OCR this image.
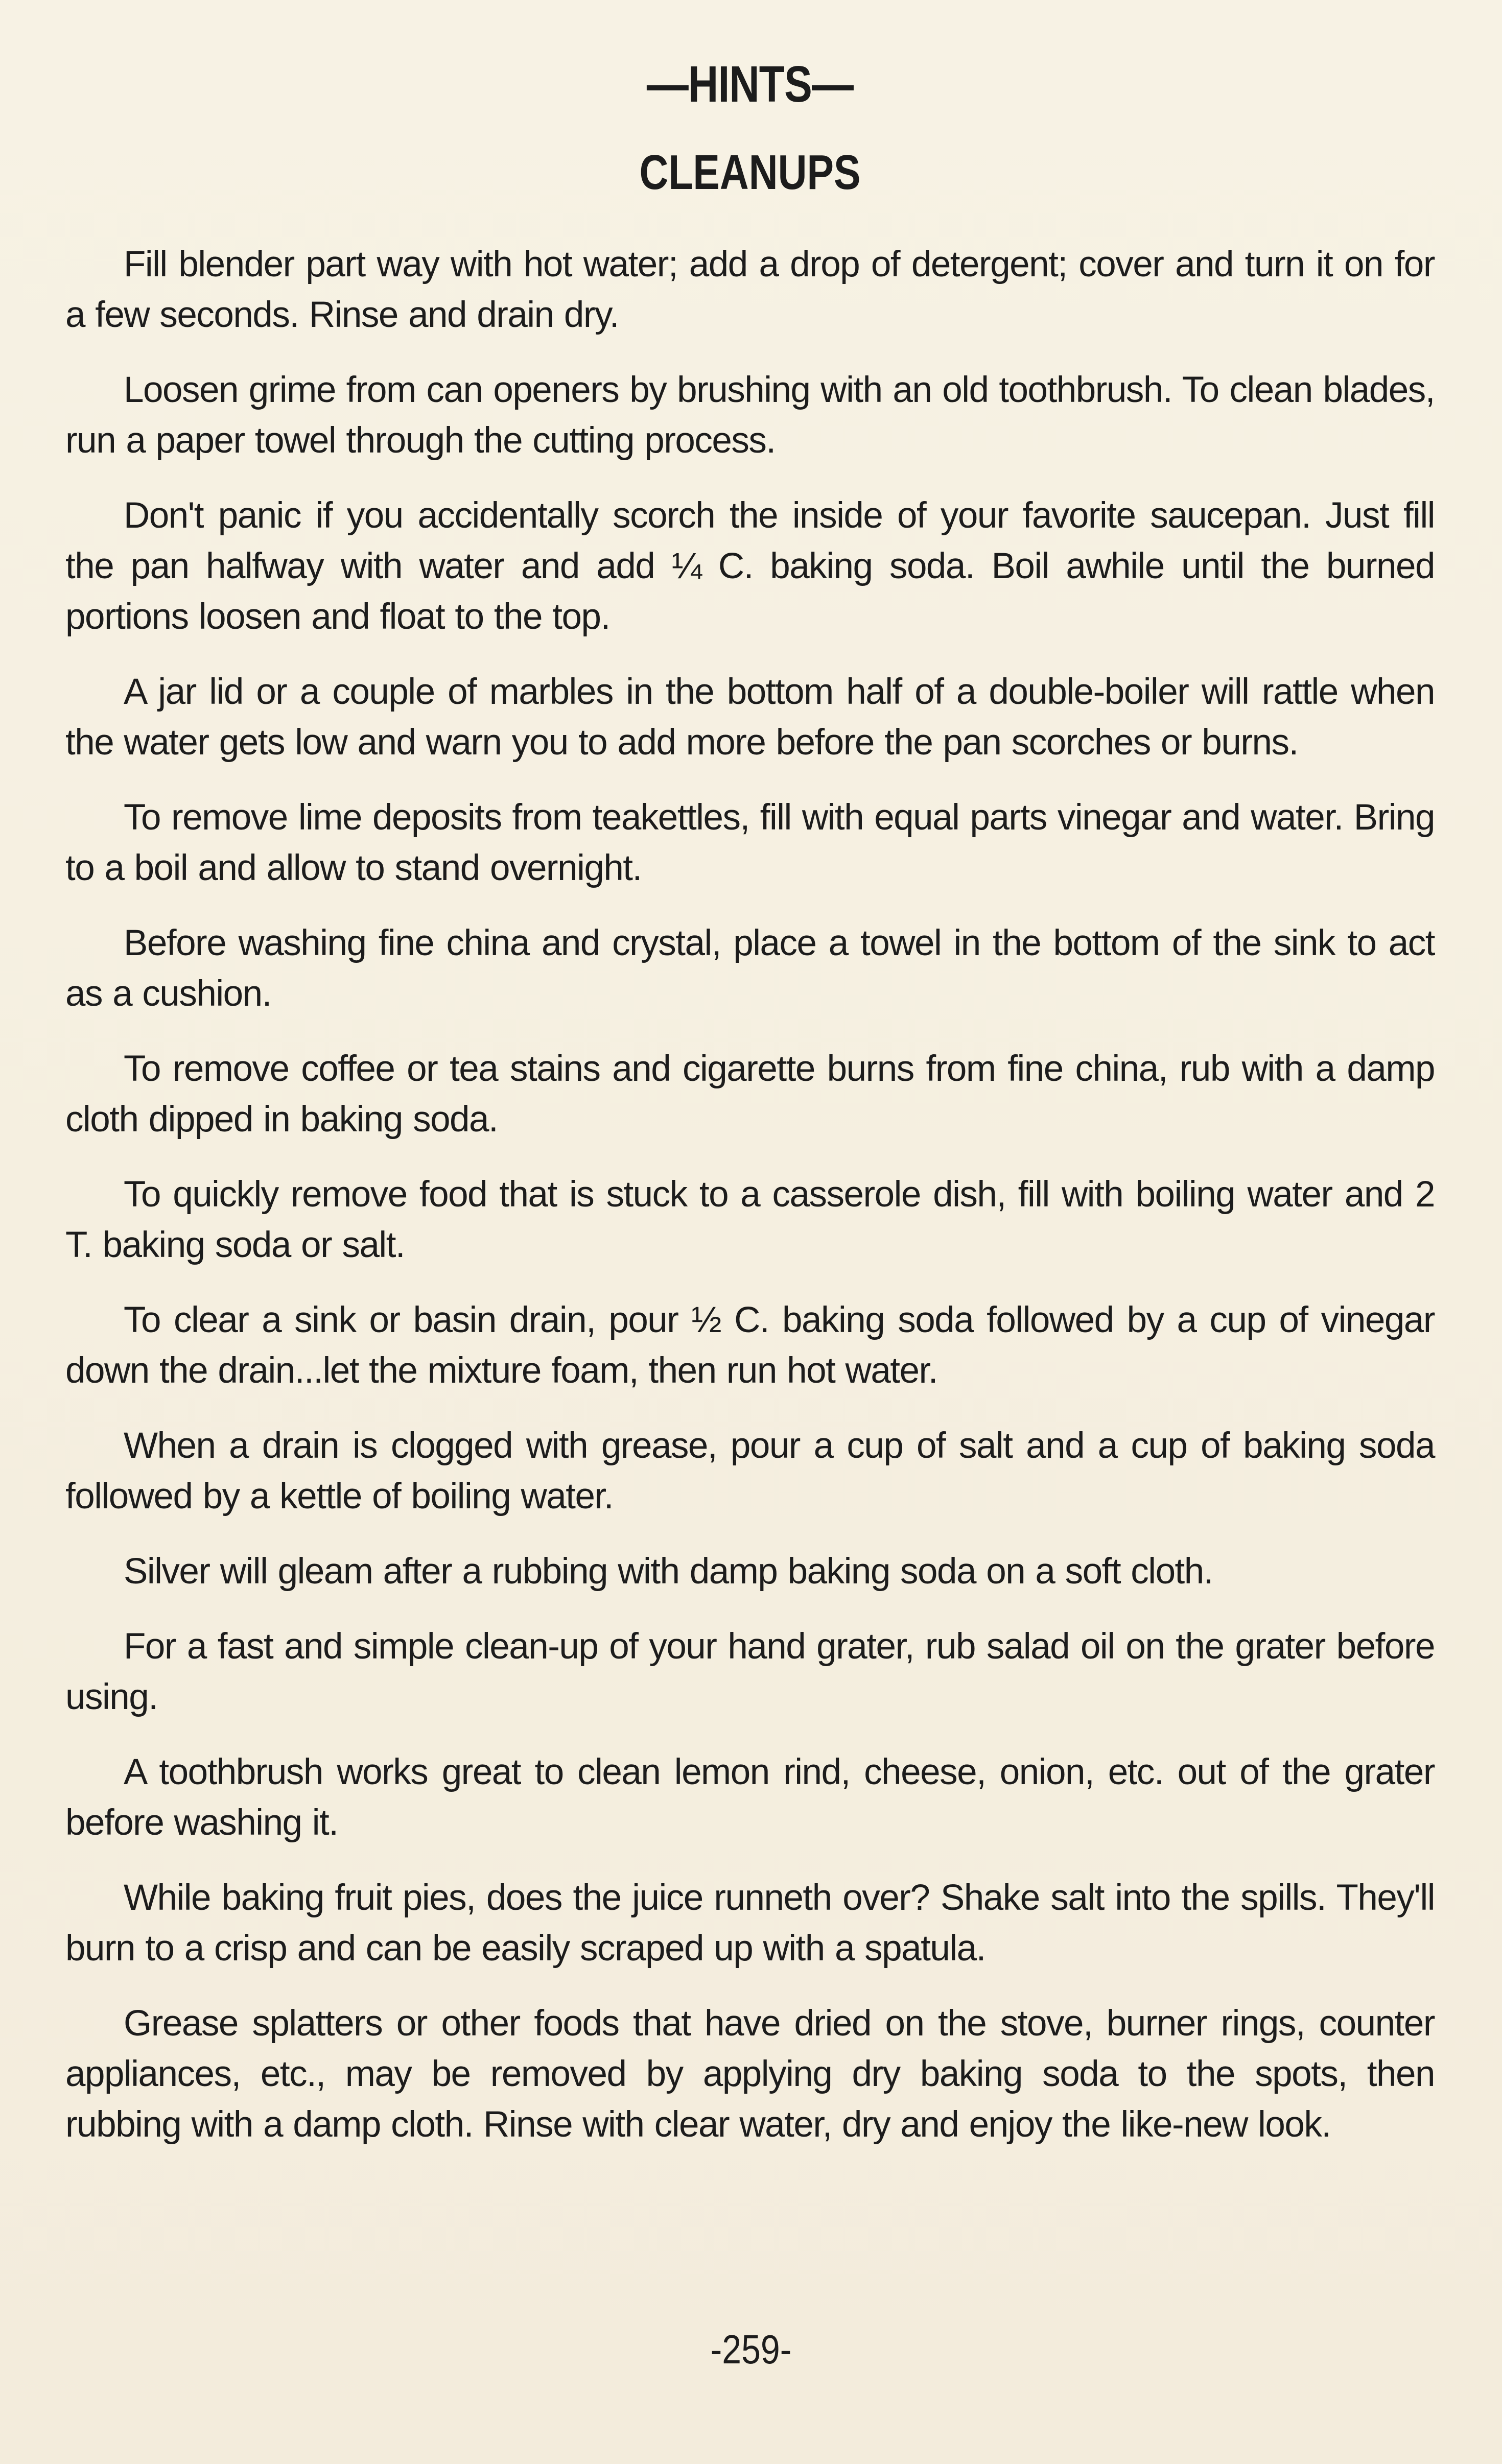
—HINTS—
CLEANUPS

Fill blender part way with hot water; add a drop of detergent; cover and turn it on for a few seconds. Rinse and drain dry.

Loosen grime from can openers by brushing with an old toothbrush. To clean blades, run a paper towel through the cutting process.

Don't panic if you accidentally scorch the inside of your favorite saucepan. Just fill the pan halfway with water and add ¼ C. baking soda. Boil awhile until the burned portions loosen and float to the top.

A jar lid or a couple of marbles in the bottom half of a double-boiler will rattle when the water gets low and warn you to add more before the pan scorches or burns.

To remove lime deposits from teakettles, fill with equal parts vinegar and water. Bring to a boil and allow to stand overnight.

Before washing fine china and crystal, place a towel in the bottom of the sink to act as a cushion.

To remove coffee or tea stains and cigarette burns from fine china, rub with a damp cloth dipped in baking soda.

To quickly remove food that is stuck to a casserole dish, fill with boiling water and 2 T. baking soda or salt.

To clear a sink or basin drain, pour ½ C. baking soda followed by a cup of vinegar down the drain...let the mixture foam, then run hot water.

When a drain is clogged with grease, pour a cup of salt and a cup of baking soda followed by a kettle of boiling water.

Silver will gleam after a rubbing with damp baking soda on a soft cloth.

For a fast and simple clean-up of your hand grater, rub salad oil on the grater before using.

A toothbrush works great to clean lemon rind, cheese, onion, etc. out of the grater before washing it.

While baking fruit pies, does the juice runneth over? Shake salt into the spills. They'll burn to a crisp and can be easily scraped up with a spatula.

Grease splatters or other foods that have dried on the stove, burner rings, counter appliances, etc., may be removed by applying dry baking soda to the spots, then rubbing with a damp cloth. Rinse with clear water, dry and enjoy the like-new look.

-259-
